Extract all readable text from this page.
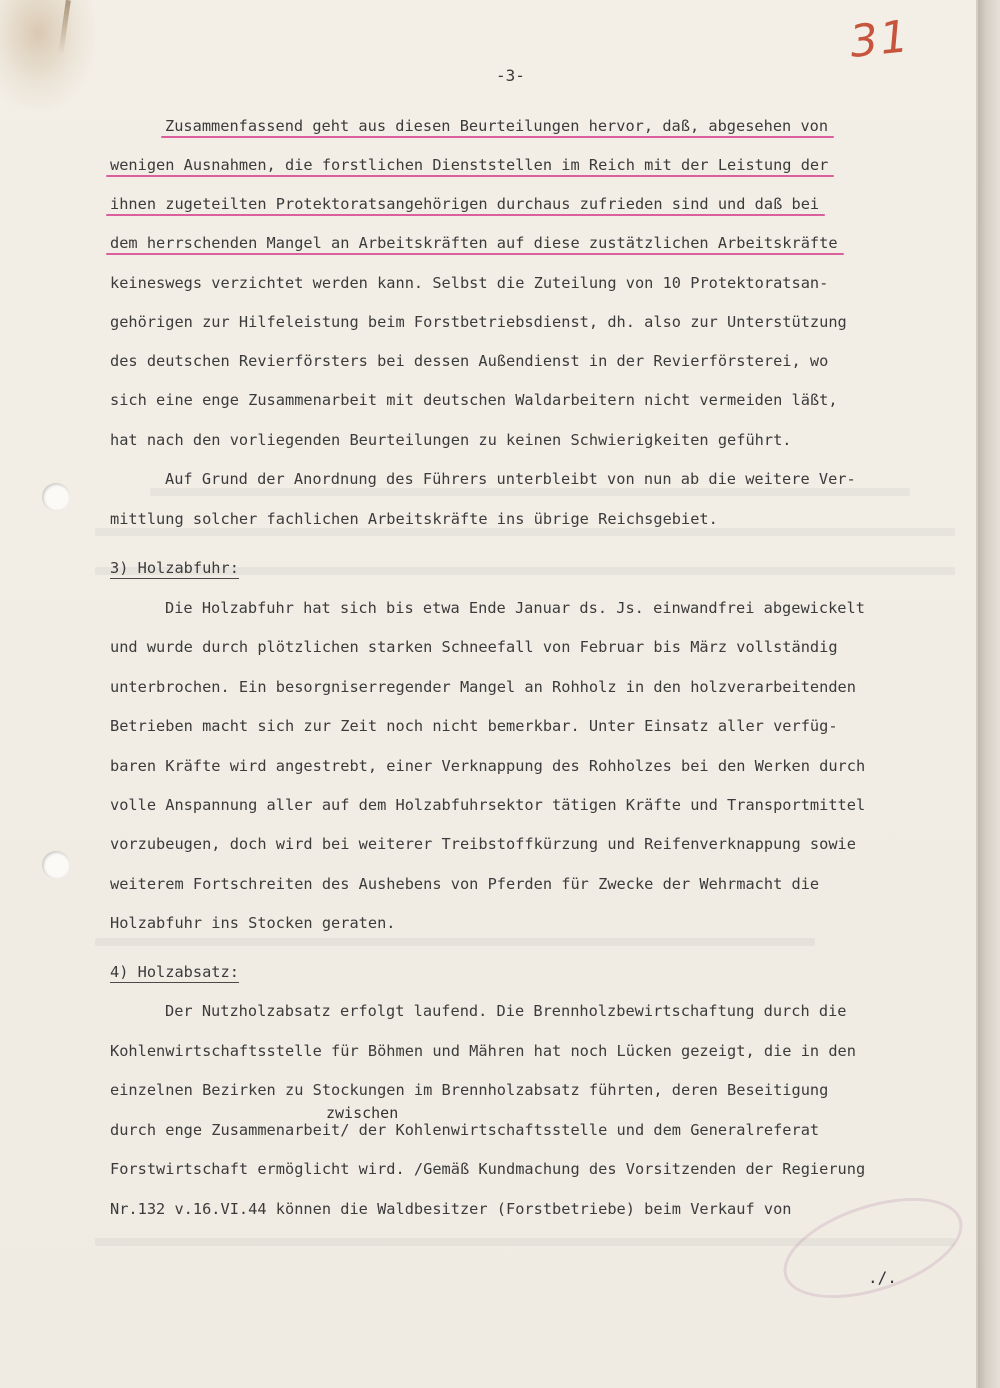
31
-3-
Zusammenfassend geht aus diesen Beurteilungen hervor, daß, abgesehen von
wenigen Ausnahmen, die forstlichen Dienststellen im Reich mit der Leistung der
ihnen zugeteilten Protektoratsangehörigen durchaus zufrieden sind und daß bei
dem herrschenden Mangel an Arbeitskräften auf diese zustätzlichen Arbeitskräfte
keineswegs verzichtet werden kann. Selbst die Zuteilung von 10 Protektoratsan-
gehörigen zur Hilfeleistung beim Forstbetriebsdienst, dh. also zur Unterstützung
des deutschen Revierförsters bei dessen Außendienst in der Revierförsterei, wo
sich eine enge Zusammenarbeit mit deutschen Waldarbeitern nicht vermeiden läßt,
hat nach den vorliegenden Beurteilungen zu keinen Schwierigkeiten geführt.
Auf Grund der Anordnung des Führers unterbleibt von nun ab die weitere Ver-
mittlung solcher fachlichen Arbeitskräfte ins übrige Reichsgebiet.
3) Holzabfuhr:
Die Holzabfuhr hat sich bis etwa Ende Januar ds. Js. einwandfrei abgewickelt
und wurde durch plötzlichen starken Schneefall von Februar bis März vollständig
unterbrochen. Ein besorgniserregender Mangel an Rohholz in den holzverarbeitenden
Betrieben macht sich zur Zeit noch nicht bemerkbar. Unter Einsatz aller verfüg-
baren Kräfte wird angestrebt, einer Verknappung des Rohholzes bei den Werken durch
volle Anspannung aller auf dem Holzabfuhrsektor tätigen Kräfte und Transportmittel
vorzubeugen, doch wird bei weiterer Treibstoffkürzung und Reifenverknappung sowie
weiterem Fortschreiten des Aushebens von Pferden für Zwecke der Wehrmacht die
Holzabfuhr ins Stocken geraten.
4) Holzabsatz:
Der Nutzholzabsatz erfolgt laufend. Die Brennholzbewirtschaftung durch die
Kohlenwirtschaftsstelle für Böhmen und Mähren hat noch Lücken gezeigt, die in den
einzelnen Bezirken zu Stockungen im Brennholzabsatz führten, deren Beseitigung
zwischen
durch enge Zusammenarbeit/ der Kohlenwirtschaftsstelle und dem Generalreferat
Forstwirtschaft ermöglicht wird. /Gemäß Kundmachung des Vorsitzenden der Regierung
Nr.132 v.16.VI.44 können die Waldbesitzer (Forstbetriebe) beim Verkauf von
./.
